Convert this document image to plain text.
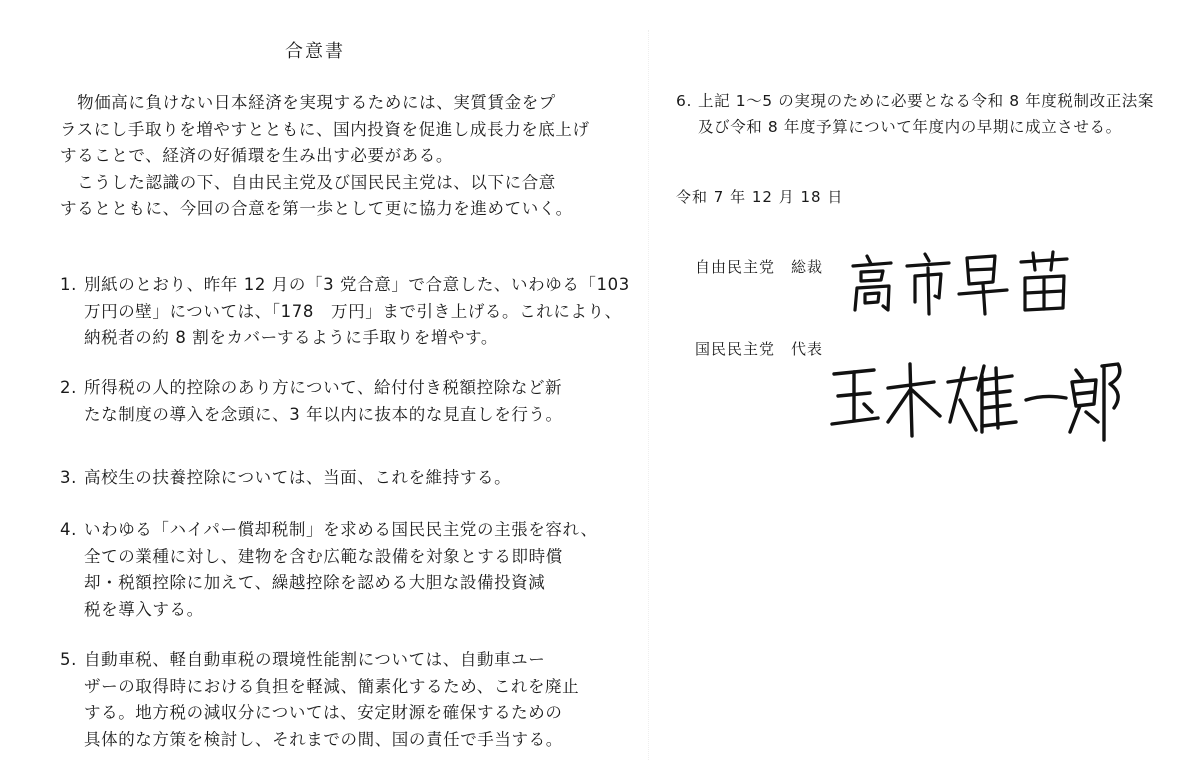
合意書
　物価高に負けない日本経済を実現するためには、実質賃金をプ
ラスにし手取りを増やすとともに、国内投資を促進し成長力を底上げ
することで、経済の好循環を生み出す必要がある。
　こうした認識の下、自由民主党及び国民民主党は、以下に合意
するとともに、今回の合意を第一歩として更に協力を進めていく。
1. 別紙のとおり、昨年 12 月の「3 党合意」で合意した、いわゆる「103
万円の壁」については、「178　万円」まで引き上げる。これにより、
納税者の約 8 割をカバーするように手取りを増やす。
2. 所得税の人的控除のあり方について、給付付き税額控除など新
たな制度の導入を念頭に、3 年以内に抜本的な見直しを行う。
3. 高校生の扶養控除については、当面、これを維持する。
4. いわゆる「ハイパー償却税制」を求める国民民主党の主張を容れ、
全ての業種に対し、建物を含む広範な設備を対象とする即時償
却・税額控除に加えて、繰越控除を認める大胆な設備投資減
税を導入する。
5. 自動車税、軽自動車税の環境性能割については、自動車ユー
ザーの取得時における負担を軽減、簡素化するため、これを廃止
する。地方税の減収分については、安定財源を確保するための
具体的な方策を検討し、それまでの間、国の責任で手当する。
6. 上記 1～5 の実現のために必要となる令和 8 年度税制改正法案
及び令和 8 年度予算について年度内の早期に成立させる。
令和 7 年 12 月 18 日
自由民主党　総裁
国民民主党　代表
